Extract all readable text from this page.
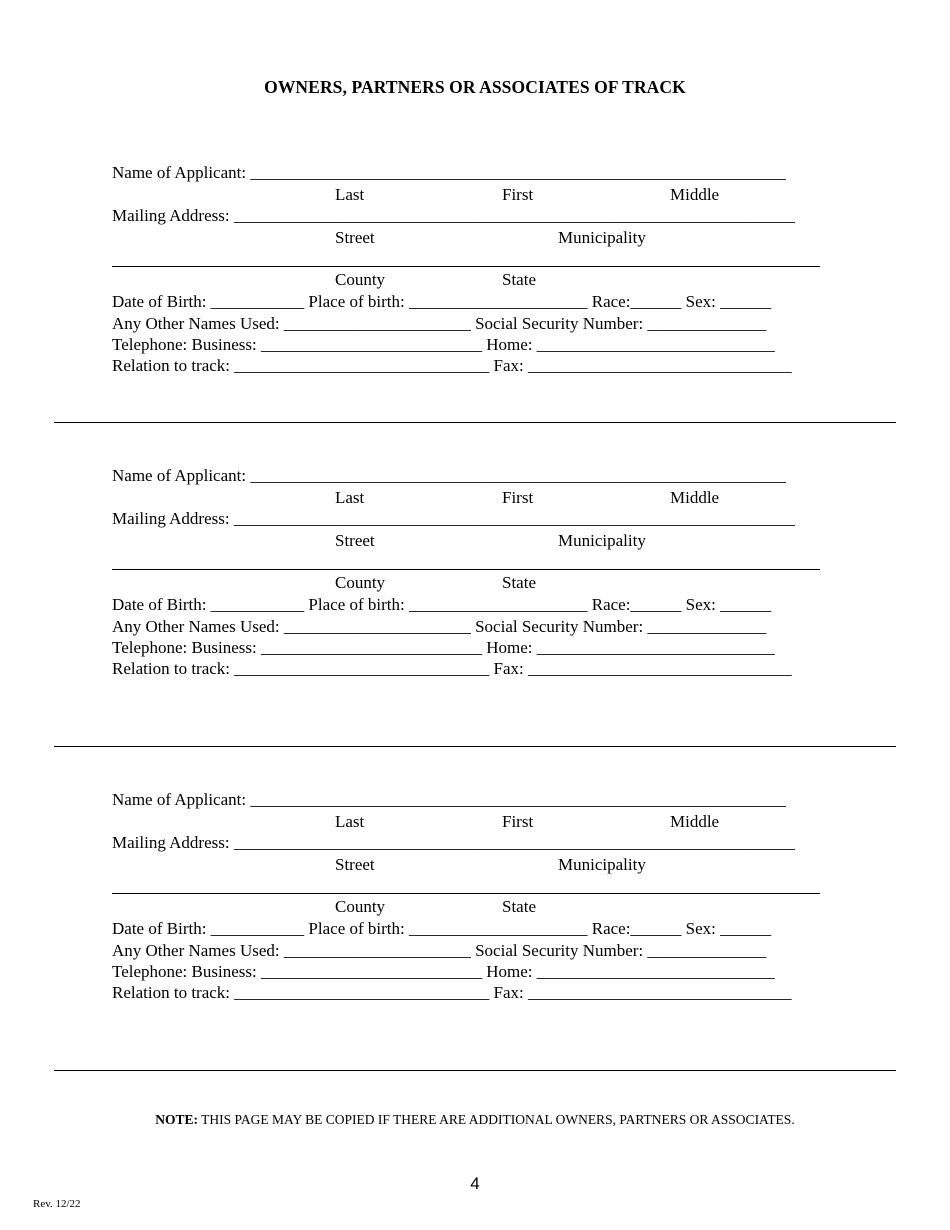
OWNERS, PARTNERS OR ASSOCIATES OF TRACK
Name of Applicant: _______________________________________________________________
Last	First	Middle
Mailing Address: __________________________________________________________________
Street	Municipality
County	State
Date of Birth: ___________ Place of birth: _____________________ Race:______ Sex: ______
Any Other Names Used: ______________________ Social Security Number: ______________
Telephone: Business: __________________________ Home: ____________________________
Relation to track: ______________________________ Fax: _______________________________
Name of Applicant: _______________________________________________________________
Last	First	Middle
Mailing Address: __________________________________________________________________
Street	Municipality
County	State
Date of Birth: ___________ Place of birth: _____________________ Race:______ Sex: ______
Any Other Names Used: ______________________ Social Security Number: ______________
Telephone: Business: __________________________ Home: ____________________________
Relation to track: ______________________________ Fax: _______________________________
Name of Applicant: _______________________________________________________________
Last	First	Middle
Mailing Address: __________________________________________________________________
Street	Municipality
County	State
Date of Birth: ___________ Place of birth: _____________________ Race:______ Sex: ______
Any Other Names Used: ______________________ Social Security Number: ______________
Telephone: Business: __________________________ Home: ____________________________
Relation to track: ______________________________ Fax: _______________________________
NOTE: THIS PAGE MAY BE COPIED IF THERE ARE ADDITIONAL OWNERS, PARTNERS OR ASSOCIATES.
4
Rev. 12/22
